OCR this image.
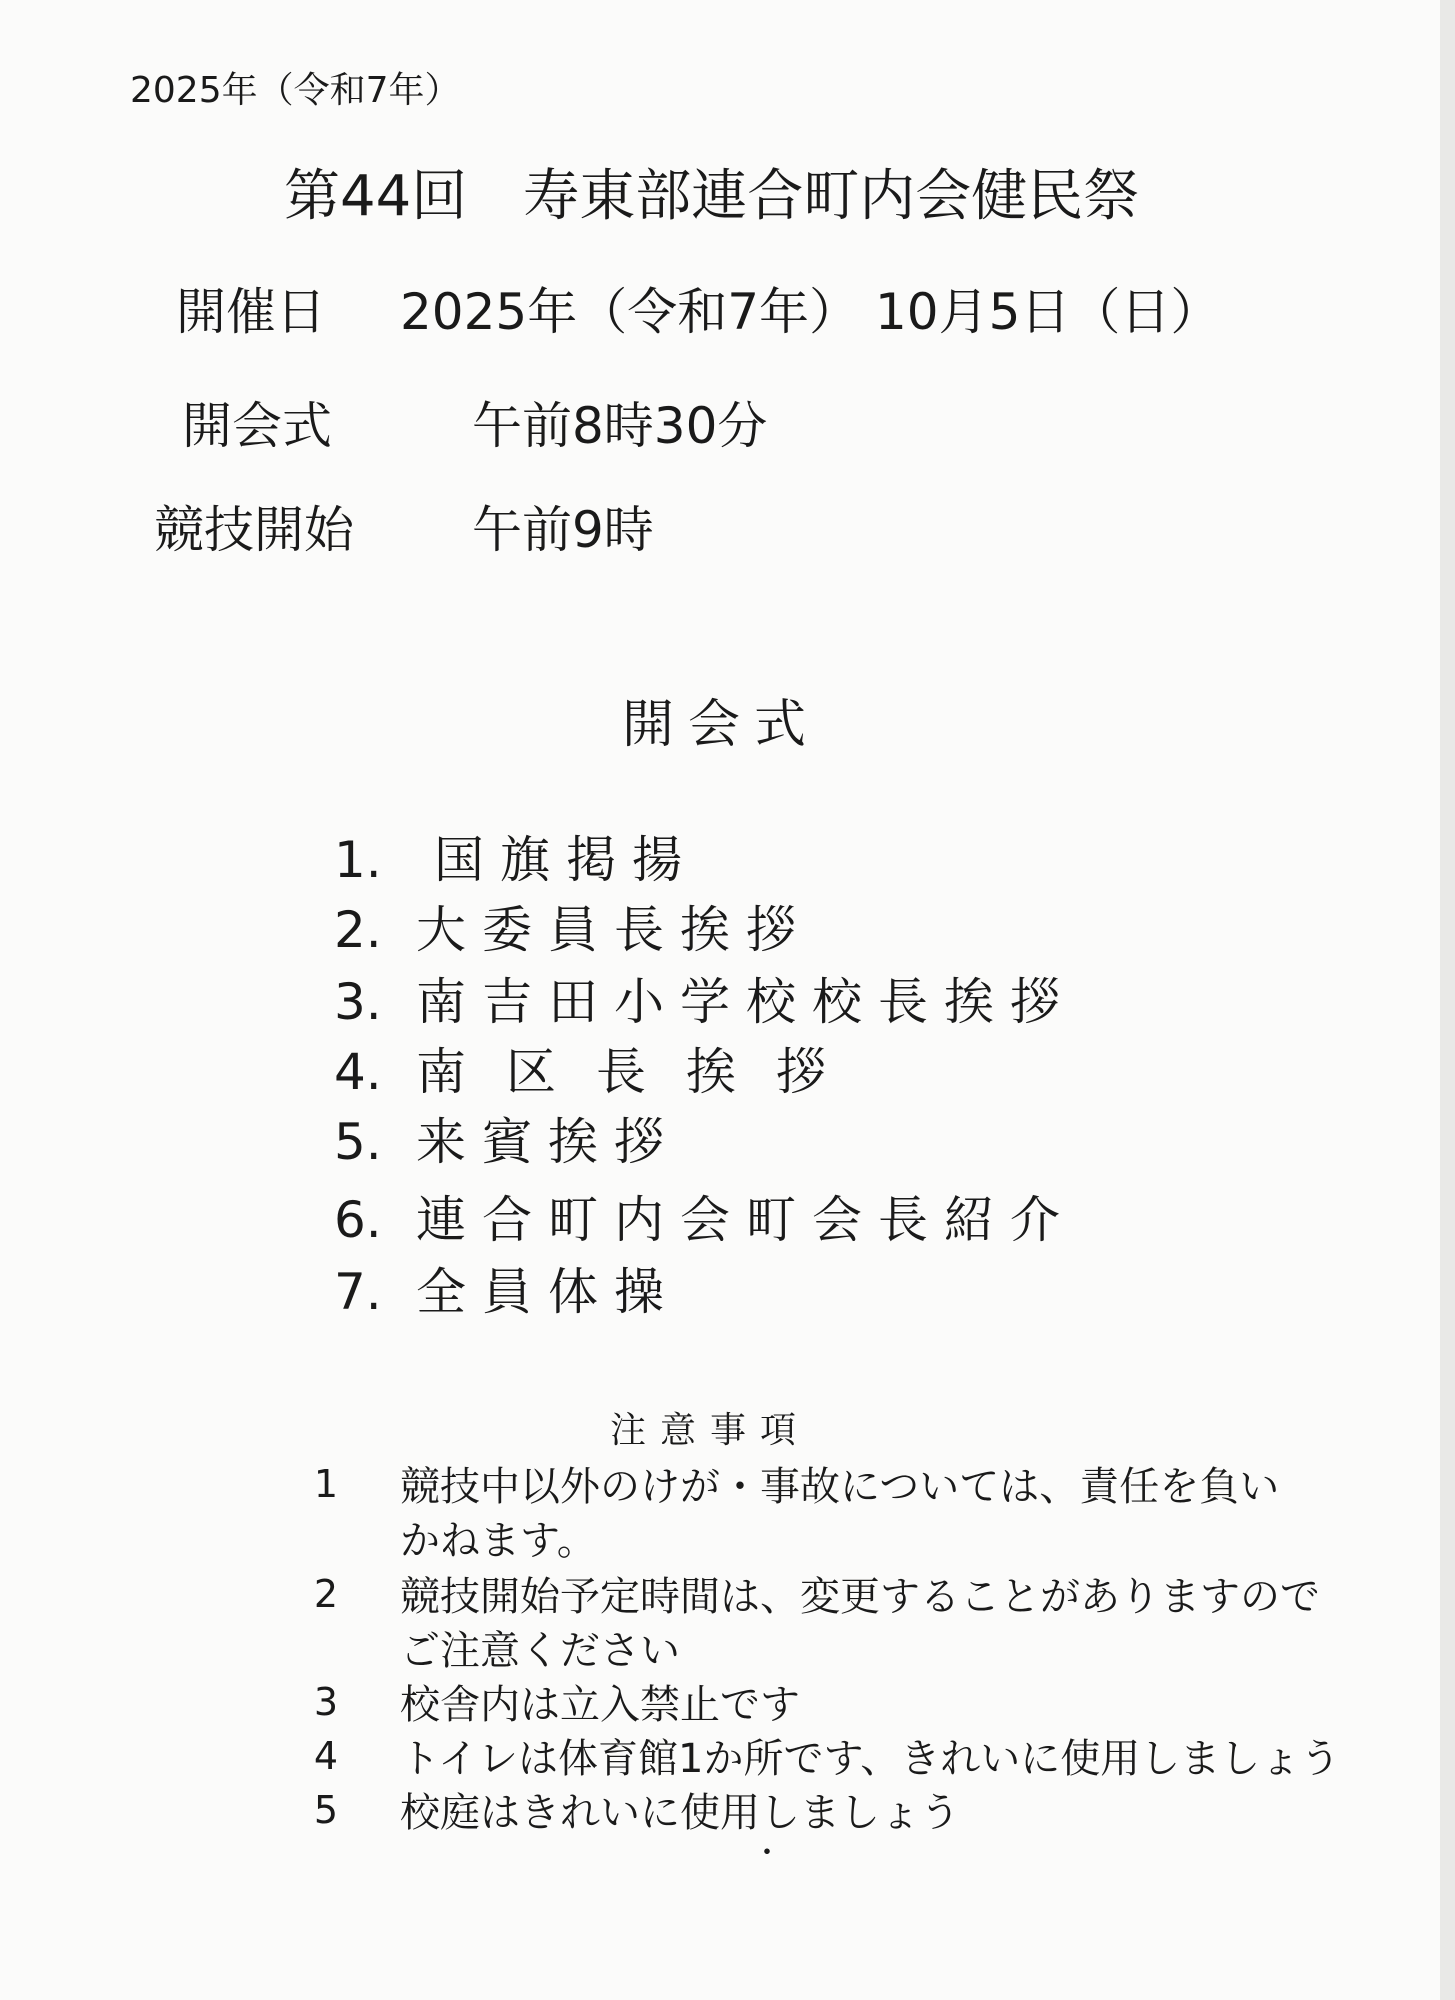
2025年（令和7年）
第44回　寿東部連合町内会健民祭
開催日 2025年（令和7年） 10月5日（日）
開会式	午前8時30分
競技開始 午前9時
開会式
1. 国旗掲揚
2. 大委員長挨拶
3. 南吉田小学校校長挨拶
4. 南区長挨拶
5. 来賓挨拶
6. 連合町内会町会長紹介
7. 全員体操
注意事項
1	競技中以外のけが・事故については、責任を負い
かねます。
2	競技開始予定時間は、変更することがありますので
ご注意ください
3	校舎内は立入禁止です
4	トイレは体育館1か所です、きれいに使用しましょう
5	校庭はきれいに使用しましょう
・
